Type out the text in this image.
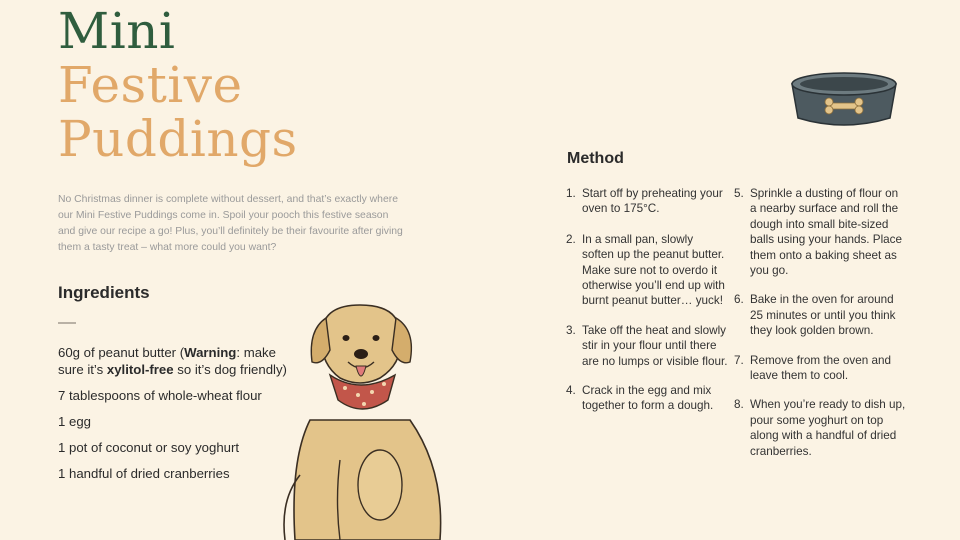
Mini
Festive
Puddings

No Christmas dinner is complete without dessert, and that’s exactly where our Mini Festive Puddings come in. Spoil your pooch this festive season and give our recipe a go! Plus, you’ll definitely be their favourite after giving them a tasty treat – what more could you want?

Ingredients
60g of peanut butter (Warning: make sure it’s xylitol-free so it’s dog friendly)
7 tablespoons of whole-wheat flour
1 egg
1 pot of coconut or soy yoghurt
1 handful of dried cranberries
Method
1. Start off by preheating your oven to 175°C.
2. In a small pan, slowly soften up the peanut butter. Make sure not to overdo it otherwise you’ll end up with burnt peanut butter… yuck!
3. Take off the heat and slowly stir in your flour until there are no lumps or visible flour.
4. Crack in the egg and mix together to form a dough.
5. Sprinkle a dusting of flour on a nearby surface and roll the dough into small bite-sized balls using your hands. Place them onto a baking sheet as you go.
6. Bake in the oven for around 25 minutes or until you think they look golden brown.
7. Remove from the oven and leave them to cool.
8. When you’re ready to dish up, pour some yoghurt on top along with a handful of dried cranberries.
